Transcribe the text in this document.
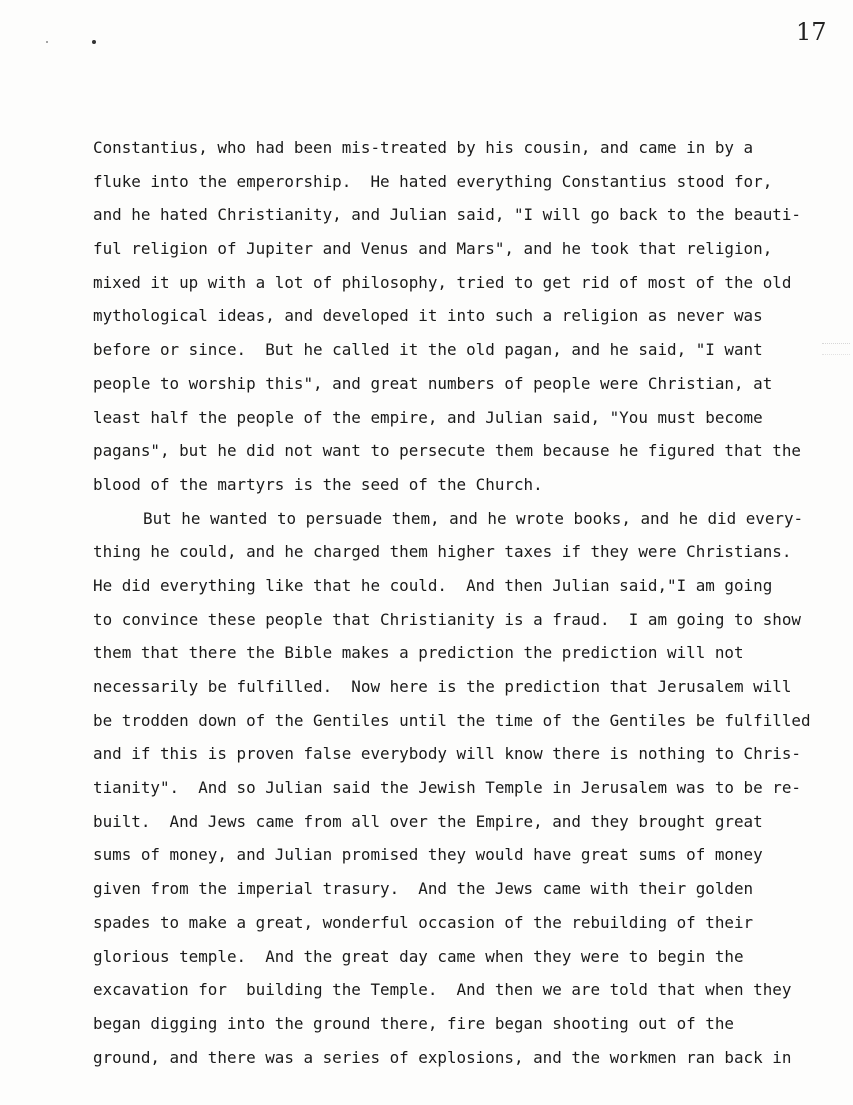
17
Constantius, who had been mis-treated by his cousin, and came in by a
fluke into the emperorship.  He hated everything Constantius stood for,
and he hated Christianity, and Julian said, "I will go back to the beauti-
ful religion of Jupiter and Venus and Mars", and he took that religion,
mixed it up with a lot of philosophy, tried to get rid of most of the old
mythological ideas, and developed it into such a religion as never was
before or since.  But he called it the old pagan, and he said, "I want
people to worship this", and great numbers of people were Christian, at
least half the people of the empire, and Julian said, "You must become
pagans", but he did not want to persecute them because he figured that the
blood of the martyrs is the seed of the Church.
But he wanted to persuade them, and he wrote books, and he did every-
thing he could, and he charged them higher taxes if they were Christians.
He did everything like that he could.  And then Julian said,"I am going
to convince these people that Christianity is a fraud.  I am going to show
them that there the Bible makes a prediction the prediction will not
necessarily be fulfilled.  Now here is the prediction that Jerusalem will
be trodden down of the Gentiles until the time of the Gentiles be fulfilled
and if this is proven false everybody will know there is nothing to Chris-
tianity".  And so Julian said the Jewish Temple in Jerusalem was to be re-
built.  And Jews came from all over the Empire, and they brought great
sums of money, and Julian promised they would have great sums of money
given from the imperial trasury.  And the Jews came with their golden
spades to make a great, wonderful occasion of the rebuilding of their
glorious temple.  And the great day came when they were to begin the
excavation for  building the Temple.  And then we are told that when they
began digging into the ground there, fire began shooting out of the
ground, and there was a series of explosions, and the workmen ran back in
